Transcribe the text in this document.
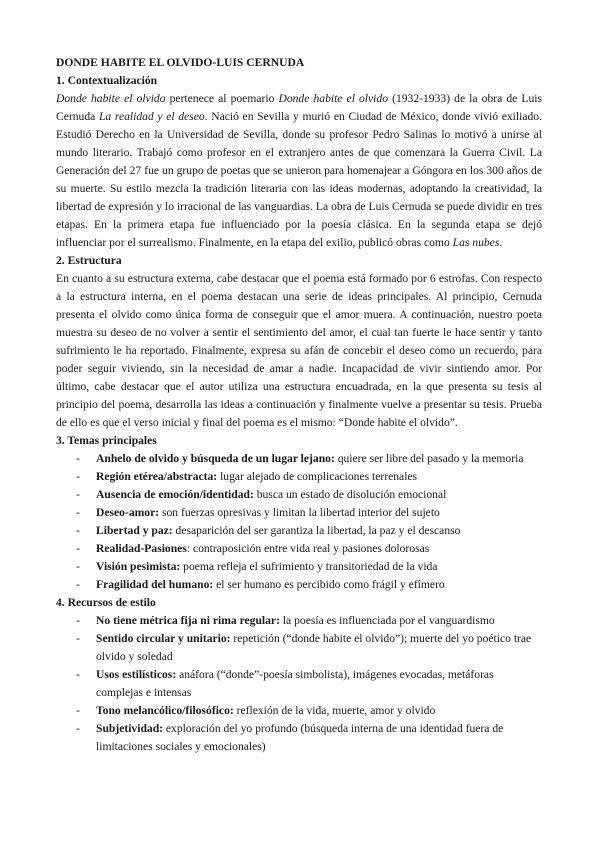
DONDE HABITE EL OLVIDO-LUIS CERNUDA

1. Contextualización

Donde habite el olvido pertenece al poemario Donde habite el olvido (1932-1933) de la obra de Luis Cernuda La realidad y el deseo. Nació en Sevilla y murió en Ciudad de México, donde vivió exiliado. Estudió Derecho en la Universidad de Sevilla, donde su profesor Pedro Salinas lo motivó a unirse al mundo literario. Trabajó como profesor en el extranjero antes de que comenzara la Guerra Civil. La Generación del 27 fue un grupo de poetas que se unieron para homenajear a Góngora en los 300 años de su muerte. Su estilo mezcla la tradición literaria con las ideas modernas, adoptando la creatividad, la libertad de expresión y lo irracional de las vanguardias. La obra de Luis Cernuda se puede dividir en tres etapas. En la primera etapa fue influenciado por la poesía clásica. En la segunda etapa se dejó influenciar por el surrealismo. Finalmente, en la etapa del exilio, publicó obras como Las nubes.

2. Estructura

En cuanto a su estructura externa, cabe destacar que el poema está formado por 6 estrofas. Con respecto a la estructura interna, en el poema destacan una serie de ideas principales. Al principio, Cernuda presenta el olvido como única forma de conseguir que el amor muera. A continuación, nuestro poeta muestra su deseo de no volver a sentir el sentimiento del amor, el cual tan fuerte le hace sentir y tanto sufrimiento le ha reportado. Finalmente, expresa su afán de concebir el deseo como un recuerdo, para poder seguir viviendo, sin la necesidad de amar a nadie. Incapacidad de vivir sintiendo amor. Por último, cabe destacar que el autor utiliza una estructura encuadrada, en la que presenta su tesis al principio del poema, desarrolla las ideas a continuación y finalmente vuelve a presentar su tesis. Prueba de ello es que el verso inicial y final del poema es el mismo: “Donde habite el olvido”.

3. Temas principales

- Anhelo de olvido y búsqueda de un lugar lejano: quiere ser libre del pasado y la memoria
- Región etérea/abstracta: lugar alejado de complicaciones terrenales
- Ausencia de emoción/identidad: busca un estado de disolución emocional
- Deseo-amor: son fuerzas opresivas y limitan la libertad interior del sujeto
- Libertad y paz: desaparición del ser garantiza la libertad, la paz y el descanso
- Realidad-Pasiones: contraposición entre vida real y pasiones dolorosas
- Visión pesimista: poema refleja el sufrimiento y transitoriedad de la vida
- Fragilidad del humano: el ser humano es percibido como frágil y efímero

4. Recursos de estilo

- No tiene métrica fija ni rima regular: la poesía es influenciada por el vanguardismo
- Sentido circular y unitario: repetición (“donde habite el olvido”); muerte del yo poético trae olvido y soledad
- Usos estilísticos: anáfora (“donde”-poesía simbolista), imágenes evocadas, metáforas complejas e intensas
- Tono melancólico/filosófico: reflexión de la vida, muerte, amor y olvido
- Subjetividad: exploración del yo profundo (búsqueda interna de una identidad fuera de limitaciones sociales y emocionales)
